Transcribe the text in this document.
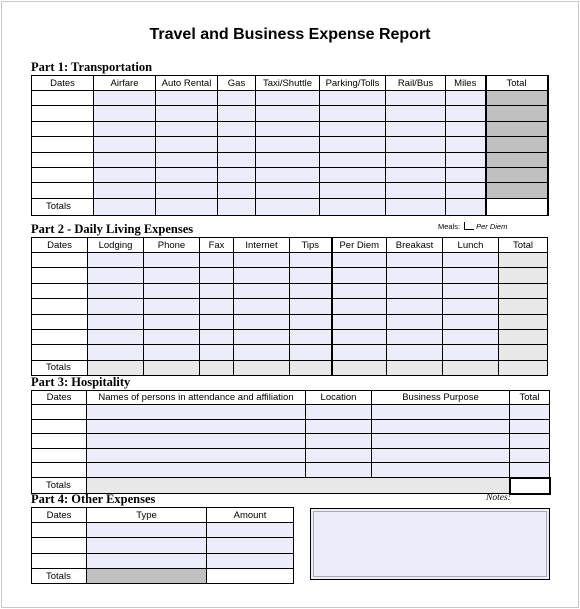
Travel and Business Expense Report
Part 1: Transportation
Dates	Airfare	Auto Rental	Gas	Taxi/Shuttle	Parking/Tolls	Rail/Bus	Miles	Total

Totals								
Part 2 - Daily Living Expenses	Meals: Per Diem
Dates	Lodging	Phone	Fax	Internet	Tips	Per Diem	Breakast	Lunch	Total

Totals									
Part 3: Hospitality
Dates	Names of persons in attendance and affiliation	Location	Business Purpose	Total

Totals				
Part 4: Other Expenses
Dates	Type	Amount

Totals		
Notes:
